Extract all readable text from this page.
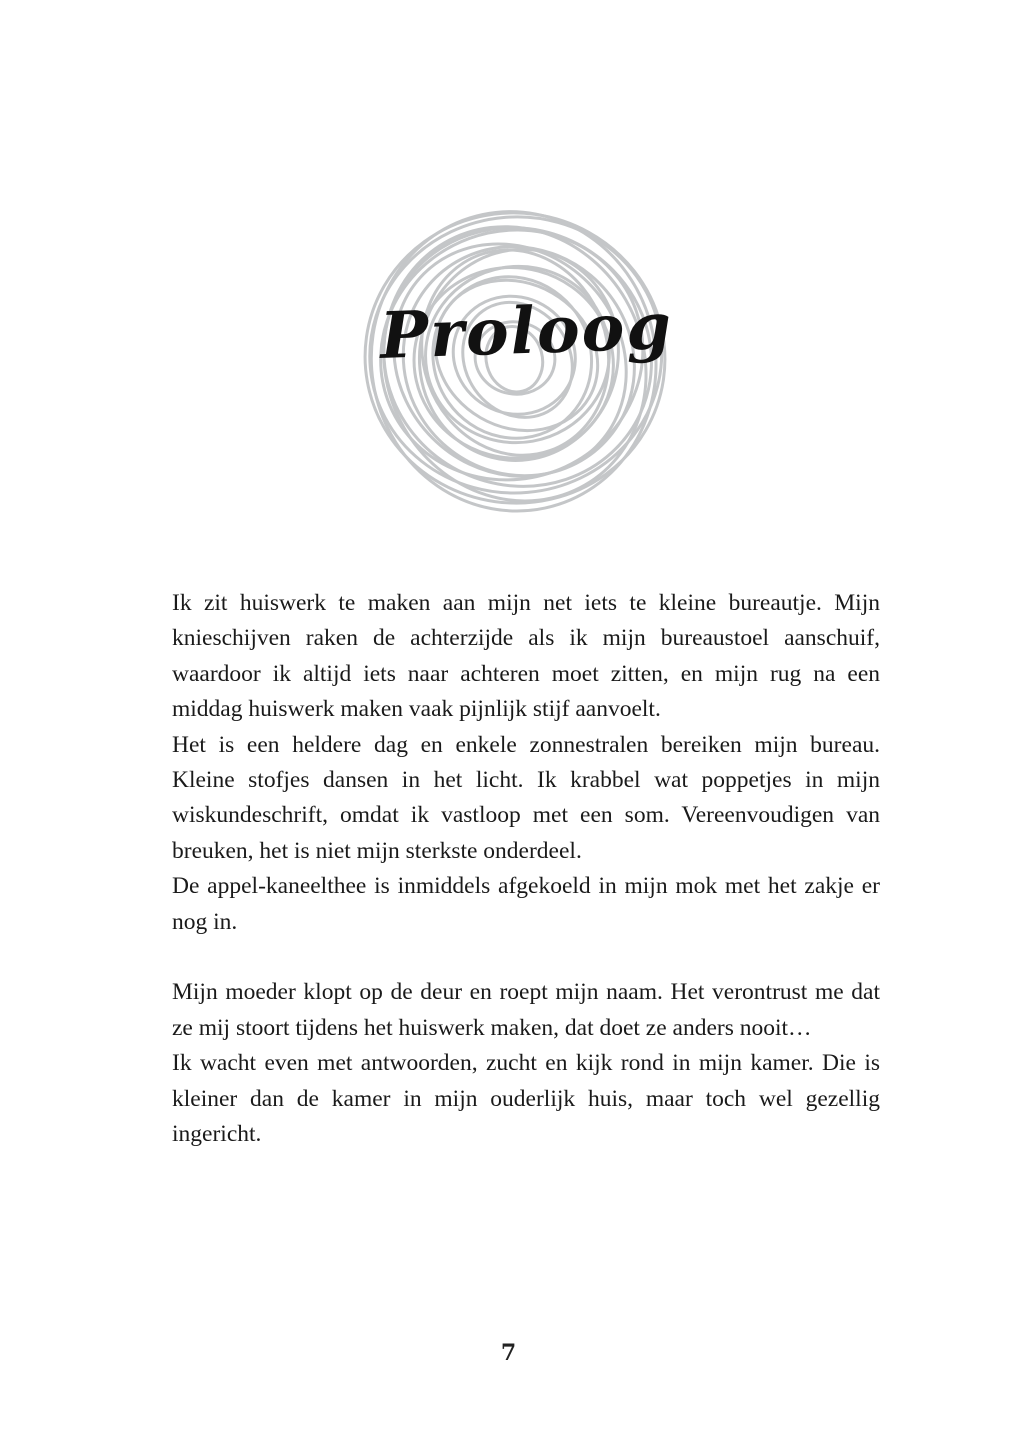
Proloog

Ik zit huiswerk te maken aan mijn net iets te kleine bureautje. Mijn knieschijven raken de achterzijde als ik mijn bureaustoel aanschuif, waardoor ik altijd iets naar achteren moet zitten, en mijn rug na een middag huiswerk maken vaak pijnlijk stijf aanvoelt.

Het is een heldere dag en enkele zonnestralen bereiken mijn bureau. Kleine stofjes dansen in het licht. Ik krabbel wat poppetjes in mijn wiskundeschrift, omdat ik vastloop met een som. Vereenvoudigen van breuken, het is niet mijn sterkste onderdeel.

De appel-kaneelthee is inmiddels afgekoeld in mijn mok met het zakje er nog in.

Mijn moeder klopt op de deur en roept mijn naam. Het verontrust me dat ze mij stoort tijdens het huiswerk maken, dat doet ze anders nooit…

Ik wacht even met antwoorden, zucht en kijk rond in mijn kamer. Die is kleiner dan de kamer in mijn ouderlijk huis, maar toch wel gezellig ingericht.

7
